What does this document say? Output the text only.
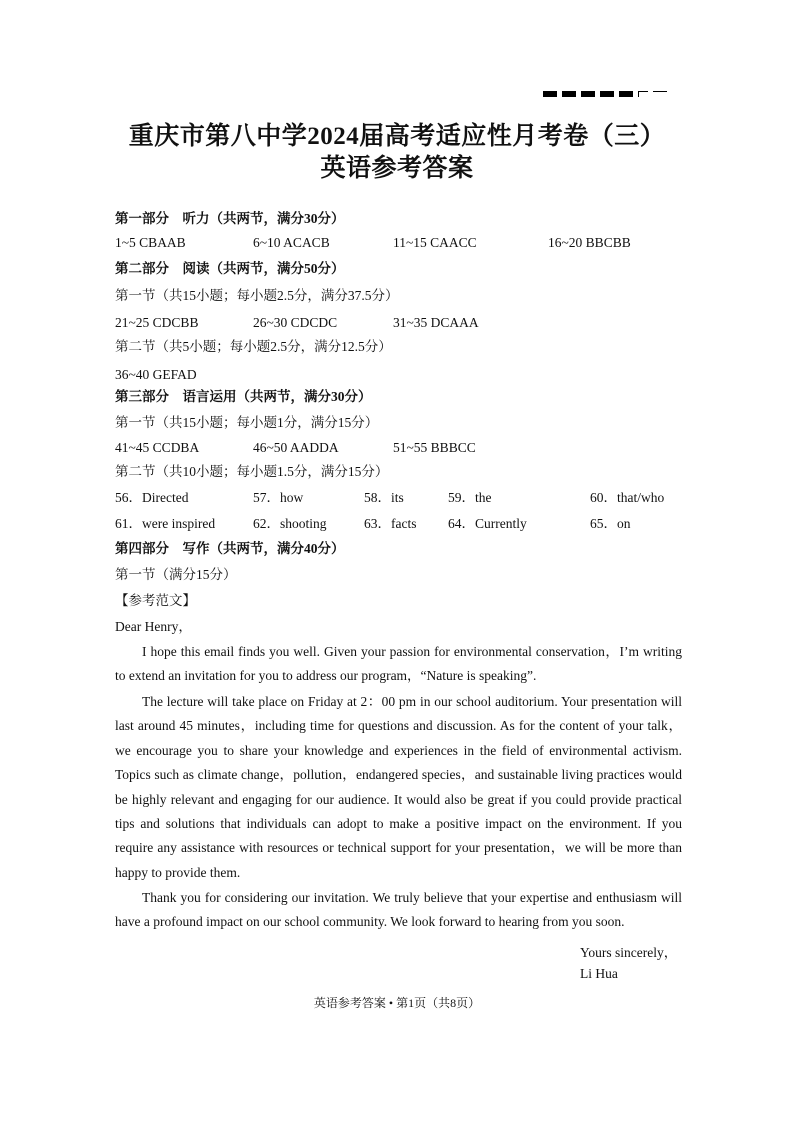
重庆市第八中学2024届高考适应性月考卷（三）
英语参考答案
第一部分　听力（共两节，满分30分）
1~5 CBAAB	6~10 ACACB	11~15 CAACC	16~20 BBCBB
第二部分　阅读（共两节，满分50分）
第一节（共15小题；每小题2.5分，满分37.5分）
21~25 CDCBB	26~30 CDCDC	31~35 DCAAA
第二节（共5小题；每小题2.5分，满分12.5分）
36~40 GEFAD
第三部分　语言运用（共两节，满分30分）
第一节（共15小题；每小题1分，满分15分）
41~45 CCDBA	46~50 AADDA	51~55 BBBCC
第二节（共10小题；每小题1.5分，满分15分）
56．Directed	57．how	58．its	59．the	60．that/who
61．were inspired	62．shooting	63．facts 64．Currently	65．on
第四部分　写作（共两节，满分40分）
第一节（满分15分）
【参考范文】
Dear Henry，
I hope this email finds you well. Given your passion for environmental conservation，I’m writing to extend an invitation for you to address our program，“Nature is speaking”.
The lecture will take place on Friday at 2：00 pm in our school auditorium. Your presentation will last around 45 minutes，including time for questions and discussion. As for the content of your talk，we encourage you to share your knowledge and experiences in the field of environmental activism. Topics such as climate change，pollution，endangered species，and sustainable living practices would be highly relevant and engaging for our audience. It would also be great if you could provide practical tips and solutions that individuals can adopt to make a positive impact on the environment. If you require any assistance with resources or technical support for your presentation，we will be more than happy to provide them.
Thank you for considering our invitation. We truly believe that your expertise and enthusiasm will have a profound impact on our school community. We look forward to hearing from you soon.
Yours sincerely，
Li Hua
英语参考答案 • 第1页（共8页）
